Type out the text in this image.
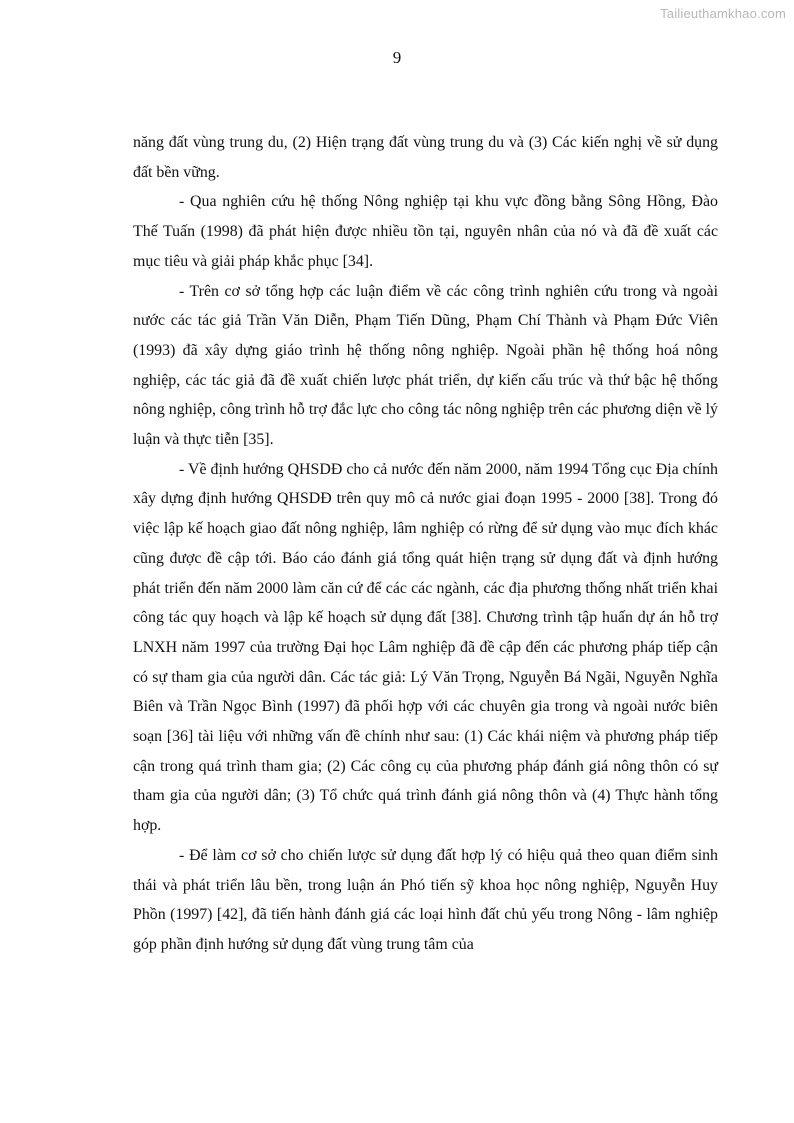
Tailieuthamkhao.com
9

năng đất vùng trung du, (2) Hiện trạng đất vùng trung du và (3) Các kiến nghị về sử dụng đất bền vững.

- Qua nghiên cứu hệ thống Nông nghiệp tại khu vực đồng bằng Sông Hồng, Đào Thế Tuấn (1998) đã phát hiện được nhiều tồn tại, nguyên nhân của nó và đã đề xuất các mục tiêu và giải pháp khắc phục [34].

- Trên cơ sở tổng hợp các luận điểm về các công trình nghiên cứu trong và ngoài nước các tác giả Trần Văn Diễn, Phạm Tiến Dũng, Phạm Chí Thành và Phạm Đức Viên (1993) đã xây dựng giáo trình hệ thống nông nghiệp. Ngoài phần hệ thống hoá nông nghiệp, các tác giả đã đề xuất chiến lược phát triển, dự kiến cấu trúc và thứ bậc hệ thống nông nghiệp, công trình hỗ trợ đắc lực cho công tác nông nghiệp trên các phương diện về lý luận và thực tiễn [35].

- Về định hướng QHSDĐ cho cả nước đến năm 2000, năm 1994 Tổng cục Địa chính xây dựng định hướng QHSDĐ trên quy mô cả nước giai đoạn 1995 - 2000 [38]. Trong đó việc lập kế hoạch giao đất nông nghiệp, lâm nghiệp có rừng để sử dụng vào mục đích khác cũng được đề cập tới. Báo cáo đánh giá tổng quát hiện trạng sử dụng đất và định hướng phát triển đến năm 2000 làm căn cứ để các các ngành, các địa phương thống nhất triển khai công tác quy hoạch và lập kế hoạch sử dụng đất [38]. Chương trình tập huấn dự án hỗ trợ LNXH năm 1997 của trường Đại học Lâm nghiệp đã đề cập đến các phương pháp tiếp cận có sự tham gia của người dân. Các tác giả: Lý Văn Trọng, Nguyễn Bá Ngãi, Nguyễn Nghĩa Biên và Trần Ngọc Bình (1997) đã phối hợp với các chuyên gia trong và ngoài nước biên soạn [36] tài liệu với những vấn đề chính như sau: (1) Các khái niệm và phương pháp tiếp cận trong quá trình tham gia; (2) Các công cụ của phương pháp đánh giá nông thôn có sự tham gia của người dân; (3) Tổ chức quá trình đánh giá nông thôn và (4) Thực hành tổng hợp.

- Để làm cơ sở cho chiến lược sử dụng đất hợp lý có hiệu quả theo quan điểm sinh thái và phát triển lâu bền, trong luận án Phó tiến sỹ khoa học nông nghiệp, Nguyễn Huy Phồn (1997) [42], đã tiến hành đánh giá các loại hình đất chủ yếu trong Nông - lâm nghiệp góp phần định hướng sử dụng đất vùng trung tâm của
